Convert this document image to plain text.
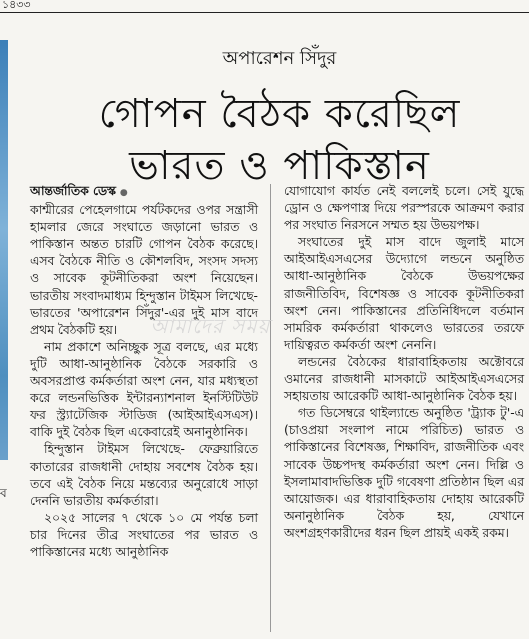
১৪৩৩
ব
অপারেশন সিঁদুর
গোপন বৈঠক করেছিল
ভারত ও পাকিস্তান

আন্তর্জাতিক ডেস্ক ●

কাশ্মীরের পেহেলগামে পর্যটকদের ওপর সন্ত্রাসী হামলার জেরে সংঘাতে জড়ানো ভারত ও পাকিস্তান অন্তত চারটি গোপন বৈঠক করেছে। এসব বৈঠকে নীতি ও কৌশলবিদ, সংসদ সদস্য ও সাবেক কূটনীতিকরা অংশ নিয়েছেন। ভারতীয় সংবাদমাধ্যম হিন্দুস্তান টাইমস লিখেছে- ভারতের 'অপারেশন সিঁদুর'-এর দুই মাস বাদে প্রথম বৈঠকটি হয়।

নাম প্রকাশে অনিচ্ছুক সূত্র বলছে, এর মধ্যে দুটি আধা-আনুষ্ঠানিক বৈঠকে সরকারি ও অবসরপ্রাপ্ত কর্মকর্তারা অংশ নেন, যার মধ্যস্থতা করে লন্ডনভিত্তিক ইন্টারন্যাশনাল ইনস্টিটিউট ফর স্ট্র্যাটেজিক স্টাডিজ (আইআইএসএস)। বাকি দুই বৈঠক ছিল একেবারেই অনানুষ্ঠানিক।

হিন্দুস্তান টাইমস লিখেছে- ফেব্রুয়ারিতে কাতারের রাজধানী দোহায় সবশেষ বৈঠক হয়। তবে এই বৈঠক নিয়ে মন্তব্যের অনুরোধে সাড়া দেননি ভারতীয় কর্মকর্তারা।

২০২৫ সালের ৭ থেকে ১০ মে পর্যন্ত চলা চার দিনের তীব্র সংঘাতের পর ভারত ও পাকিস্তানের মধ্যে আনুষ্ঠানিক

যোগাযোগ কার্যত নেই বললেই চলে। সেই যুদ্ধে ড্রোন ও ক্ষেপণাস্ত্র দিয়ে পরস্পরকে আক্রমণ করার পর সংঘাত নিরসনে সম্মত হয় উভয়পক্ষ।

সংঘাতের দুই মাস বাদে জুলাই মাসে আইআইএসএসের উদ্যোগে লন্ডনে অনুষ্ঠিত আধা-আনুষ্ঠানিক বৈঠকে উভয়পক্ষের রাজনীতিবিদ, বিশেষজ্ঞ ও সাবেক কূটনীতিকরা অংশ নেন। পাকিস্তানের প্রতিনিধিদলে বর্তমান সামরিক কর্মকর্তারা থাকলেও ভারতের তরফে দায়িত্বরত কর্মকর্তা অংশ নেননি।

লন্ডনের বৈঠকের ধারাবাহিকতায় অক্টোবরে ওমানের রাজধানী মাসকাটে আইআইএসএসের সহায়তায় আরেকটি আধা-আনুষ্ঠানিক বৈঠক হয়।

গত ডিসেম্বরে থাইল্যান্ডে অনুষ্ঠিত 'ট্র্যাক টু'-এ (চাওপ্রয়া সংলাপ নামে পরিচিত) ভারত ও পাকিস্তানের বিশেষজ্ঞ, শিক্ষাবিদ, রাজনীতিক এবং সাবেক উচ্চপদস্থ কর্মকর্তারা অংশ নেন। দিল্লি ও ইসলামাবাদভিত্তিক দুটি গবেষণা প্রতিষ্ঠান ছিল এর আয়োজক। এর ধারাবাহিকতায় দোহায় আরেকটি অনানুষ্ঠানিক বৈঠক হয়, যেখানে অংশগ্রহণকারীদের ধরন ছিল প্রায়ই একই রকম।

আমাদের সময়
